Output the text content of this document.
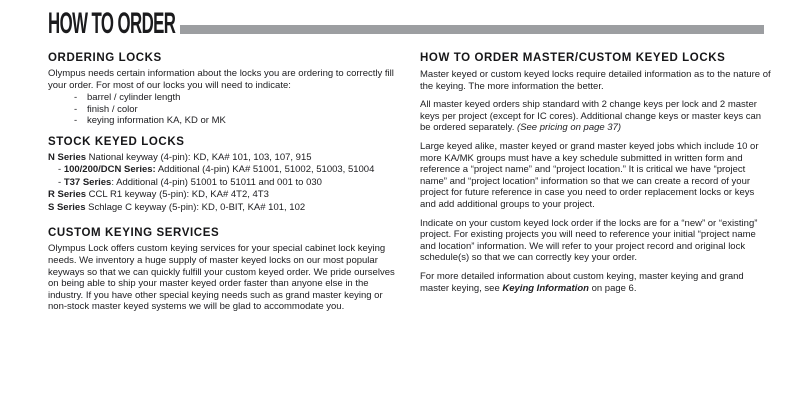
HOW TO ORDER
ORDERING LOCKS

Olympus needs certain information about the locks you are ordering to correctly fill your order. For most of our locks you will need to indicate:

- barrel / cylinder length
- finish / color
- keying information KA, KD or MK
STOCK KEYED LOCKS
N Series National keyway (4-pin): KD, KA# 101, 103, 107, 915
- 100/200/DCN Series: Additional (4-pin) KA# 51001, 51002, 51003, 51004
- T37 Series: Additional (4-pin) 51001 to 51011 and 001 to 030
R Series CCL R1 keyway (5-pin): KD, KA# 4T2, 4T3
S Series Schlage C keyway (5-pin): KD, 0-BIT, KA# 101, 102
CUSTOM KEYING SERVICES

Olympus Lock offers custom keying services for your special cabinet lock keying needs. We inventory a huge supply of master keyed locks on our most popular keyways so that we can quickly fulfill your custom keyed order. We pride ourselves on being able to ship your master keyed order faster than anyone else in the industry. If you have other special keying needs such as grand master keying or non-stock master keyed systems we will be glad to accommodate you.

HOW TO ORDER MASTER/CUSTOM KEYED LOCKS

Master keyed or custom keyed locks require detailed information as to the nature of the keying. The more information the better.

All master keyed orders ship standard with 2 change keys per lock and 2 master keys per project (except for IC cores). Additional change keys or master keys can be ordered separately. (See pricing on page 37)

Large keyed alike, master keyed or grand master keyed jobs which include 10 or more KA/MK groups must have a key schedule submitted in written form and reference a “project name” and “project location.” It is critical we have “project name” and “project location” information so that we can create a record of your project for future reference in case you need to order replacement locks or keys and add additional groups to your project.

Indicate on your custom keyed lock order if the locks are for a “new” or “existing” project. For existing projects you will need to reference your initial “project name and location” information. We will refer to your project record and original lock schedule(s) so that we can correctly key your order.

For more detailed information about custom keying, master keying and grand master keying, see Keying Information on page 6.
